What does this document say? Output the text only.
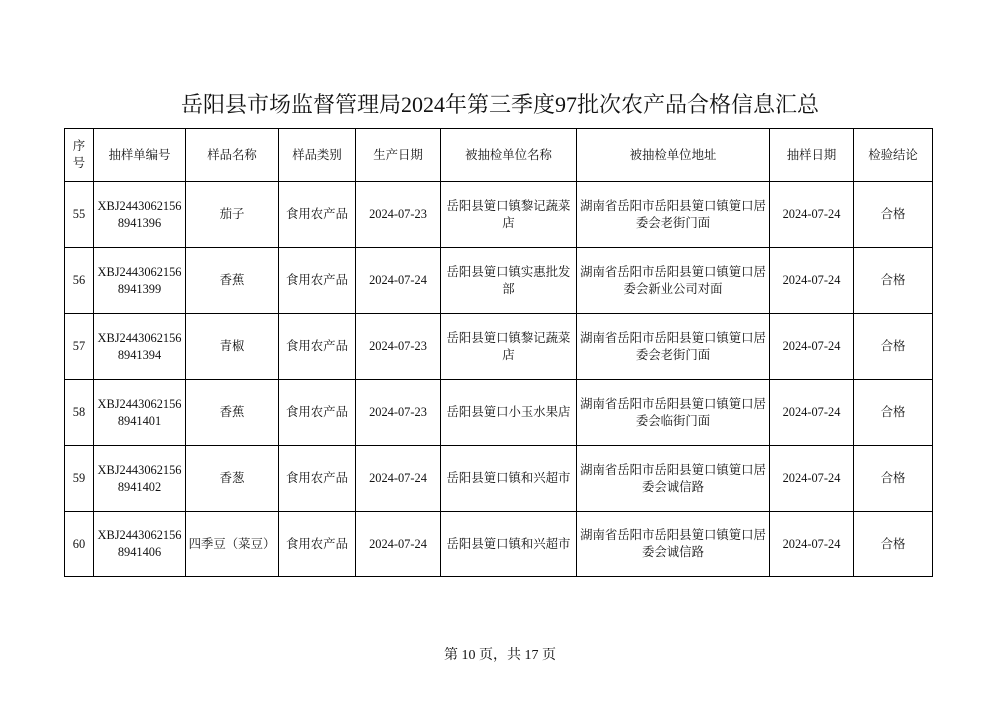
岳阳县市场监督管理局2024年第三季度97批次农产品合格信息汇总
序号	抽样单编号	样品名称	样品类别	生产日期	被抽检单位名称	被抽检单位地址	抽样日期	检验结论
55	XBJ24430621568941396	茄子	食用农产品	2024-07-23	岳阳县筻口镇黎记蔬菜店	湖南省岳阳市岳阳县筻口镇筻口居委会老街门面	2024-07-24	合格
56	XBJ24430621568941399	香蕉	食用农产品	2024-07-24	岳阳县筻口镇实惠批发部	湖南省岳阳市岳阳县筻口镇筻口居委会新业公司对面	2024-07-24	合格
57	XBJ24430621568941394	青椒	食用农产品	2024-07-23	岳阳县筻口镇黎记蔬菜店	湖南省岳阳市岳阳县筻口镇筻口居委会老街门面	2024-07-24	合格
58	XBJ24430621568941401	香蕉	食用农产品	2024-07-23	岳阳县筻口小玉水果店	湖南省岳阳市岳阳县筻口镇筻口居委会临街门面	2024-07-24	合格
59	XBJ24430621568941402	香葱	食用农产品	2024-07-24	岳阳县筻口镇和兴超市	湖南省岳阳市岳阳县筻口镇筻口居委会诚信路	2024-07-24	合格
60	XBJ24430621568941406	四季豆（菜豆）	食用农产品	2024-07-24	岳阳县筻口镇和兴超市	湖南省岳阳市岳阳县筻口镇筻口居委会诚信路	2024-07-24	合格
第 10 页，共 17 页
